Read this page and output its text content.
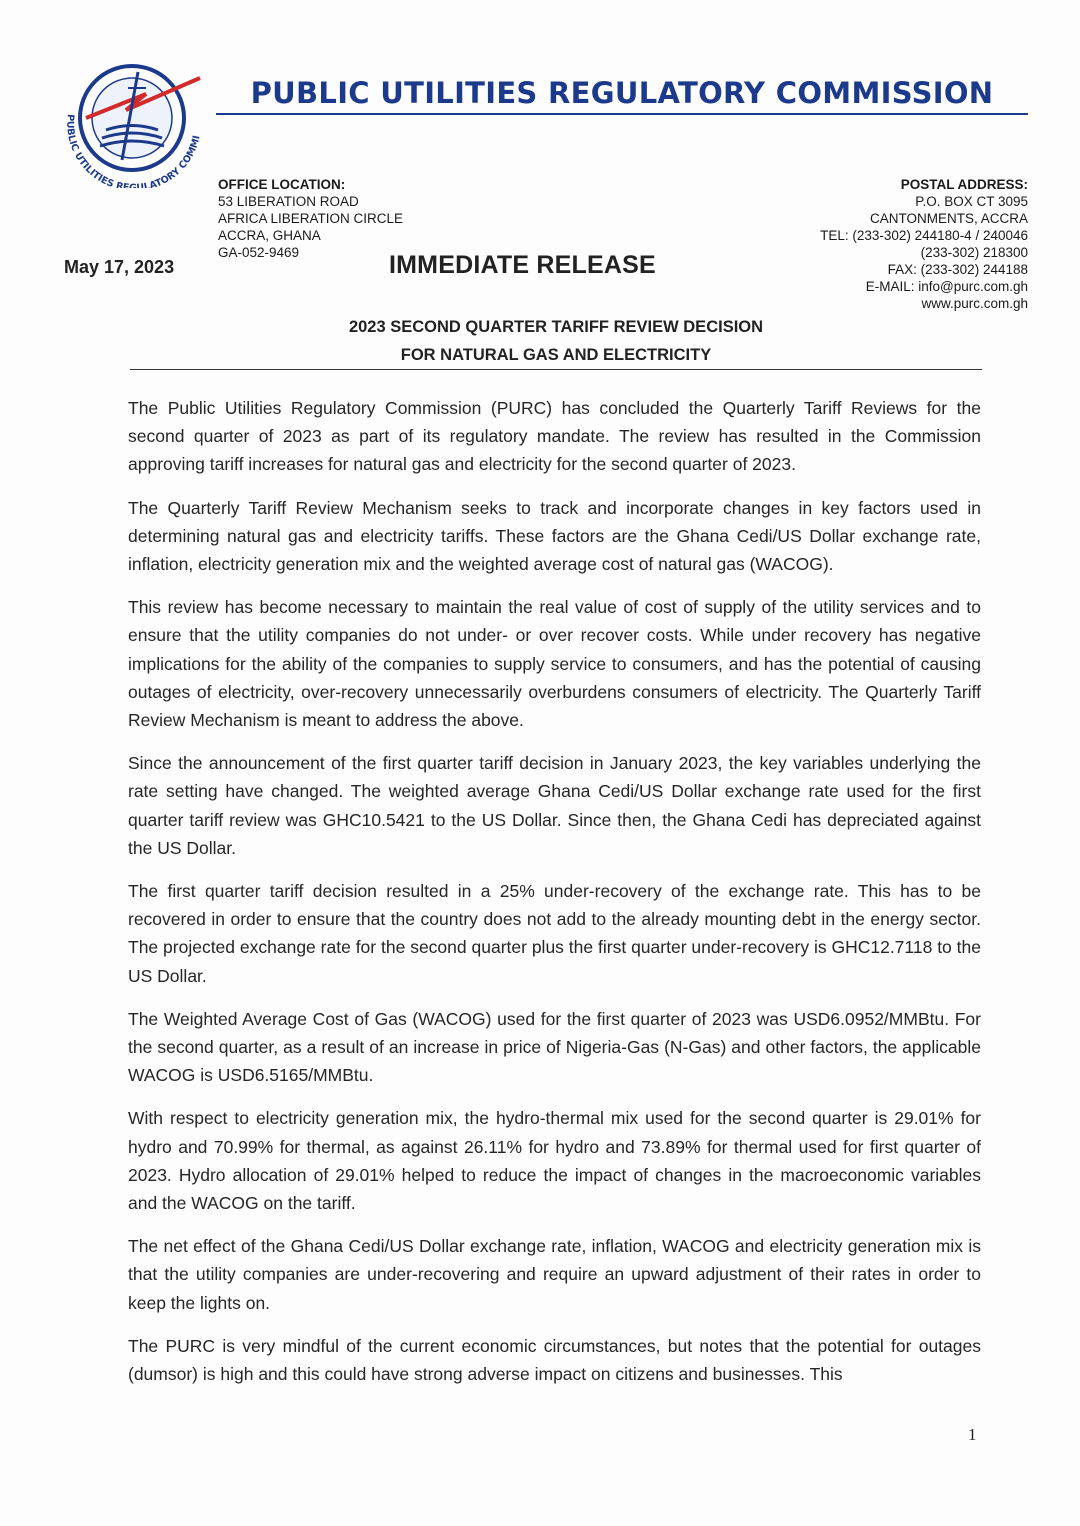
PUBLIC UTILITIES RE ULATORY COMMI
PUBLIC UTILITIES REGULATORY COMMISSION
OFFICE LOCATION:
53 LIBERATION ROAD
AFRICA LIBERATION CIRCLE
ACCRA, GHANA
GA-052-9469
POSTAL ADDRESS:
P.O. BOX CT 3095
CANTONMENTS, ACCRA
TEL: (233-302) 244180-4 / 240046
(233-302) 218300
FAX: (233-302) 244188
E-MAIL: info@purc.com.gh
www.purc.com.gh
May 17, 2023	IMMEDIATE RELEASE
2023 SECOND QUARTER TARIFF REVIEW DECISION
FOR NATURAL GAS AND ELECTRICITY

The Public Utilities Regulatory Commission (PURC) has concluded the Quarterly Tariff Reviews for the second quarter of 2023 as part of its regulatory mandate. The review has resulted in the Commission approving tariff increases for natural gas and electricity for the second quarter of 2023.

The Quarterly Tariff Review Mechanism seeks to track and incorporate changes in key factors used in determining natural gas and electricity tariffs. These factors are the Ghana Cedi/US Dollar exchange rate, inflation, electricity generation mix and the weighted average cost of natural gas (WACOG).

This review has become necessary to maintain the real value of cost of supply of the utility services and to ensure that the utility companies do not under- or over recover costs. While under recovery has negative implications for the ability of the companies to supply service to consumers, and has the potential of causing outages of electricity, over-recovery unnecessarily overburdens consumers of electricity. The Quarterly Tariff Review Mechanism is meant to address the above.

Since the announcement of the first quarter tariff decision in January 2023, the key variables underlying the rate setting have changed. The weighted average Ghana Cedi/US Dollar exchange rate used for the first quarter tariff review was GHC10.5421 to the US Dollar. Since then, the Ghana Cedi has depreciated against the US Dollar.

The first quarter tariff decision resulted in a 25% under-recovery of the exchange rate. This has to be recovered in order to ensure that the country does not add to the already mounting debt in the energy sector. The projected exchange rate for the second quarter plus the first quarter under-recovery is GHC12.7118 to the US Dollar.

The Weighted Average Cost of Gas (WACOG) used for the first quarter of 2023 was USD6.0952/MMBtu. For the second quarter, as a result of an increase in price of Nigeria-Gas (N-Gas) and other factors, the applicable WACOG is USD6.5165/MMBtu.

With respect to electricity generation mix, the hydro-thermal mix used for the second quarter is 29.01% for hydro and 70.99% for thermal, as against 26.11% for hydro and 73.89% for thermal used for first quarter of 2023. Hydro allocation of 29.01% helped to reduce the impact of changes in the macroeconomic variables and the WACOG on the tariff.

The net effect of the Ghana Cedi/US Dollar exchange rate, inflation, WACOG and electricity generation mix is that the utility companies are under-recovering and require an upward adjustment of their rates in order to keep the lights on.

The PURC is very mindful of the current economic circumstances, but notes that the potential for outages (dumsor) is high and this could have strong adverse impact on citizens and businesses. This

1
